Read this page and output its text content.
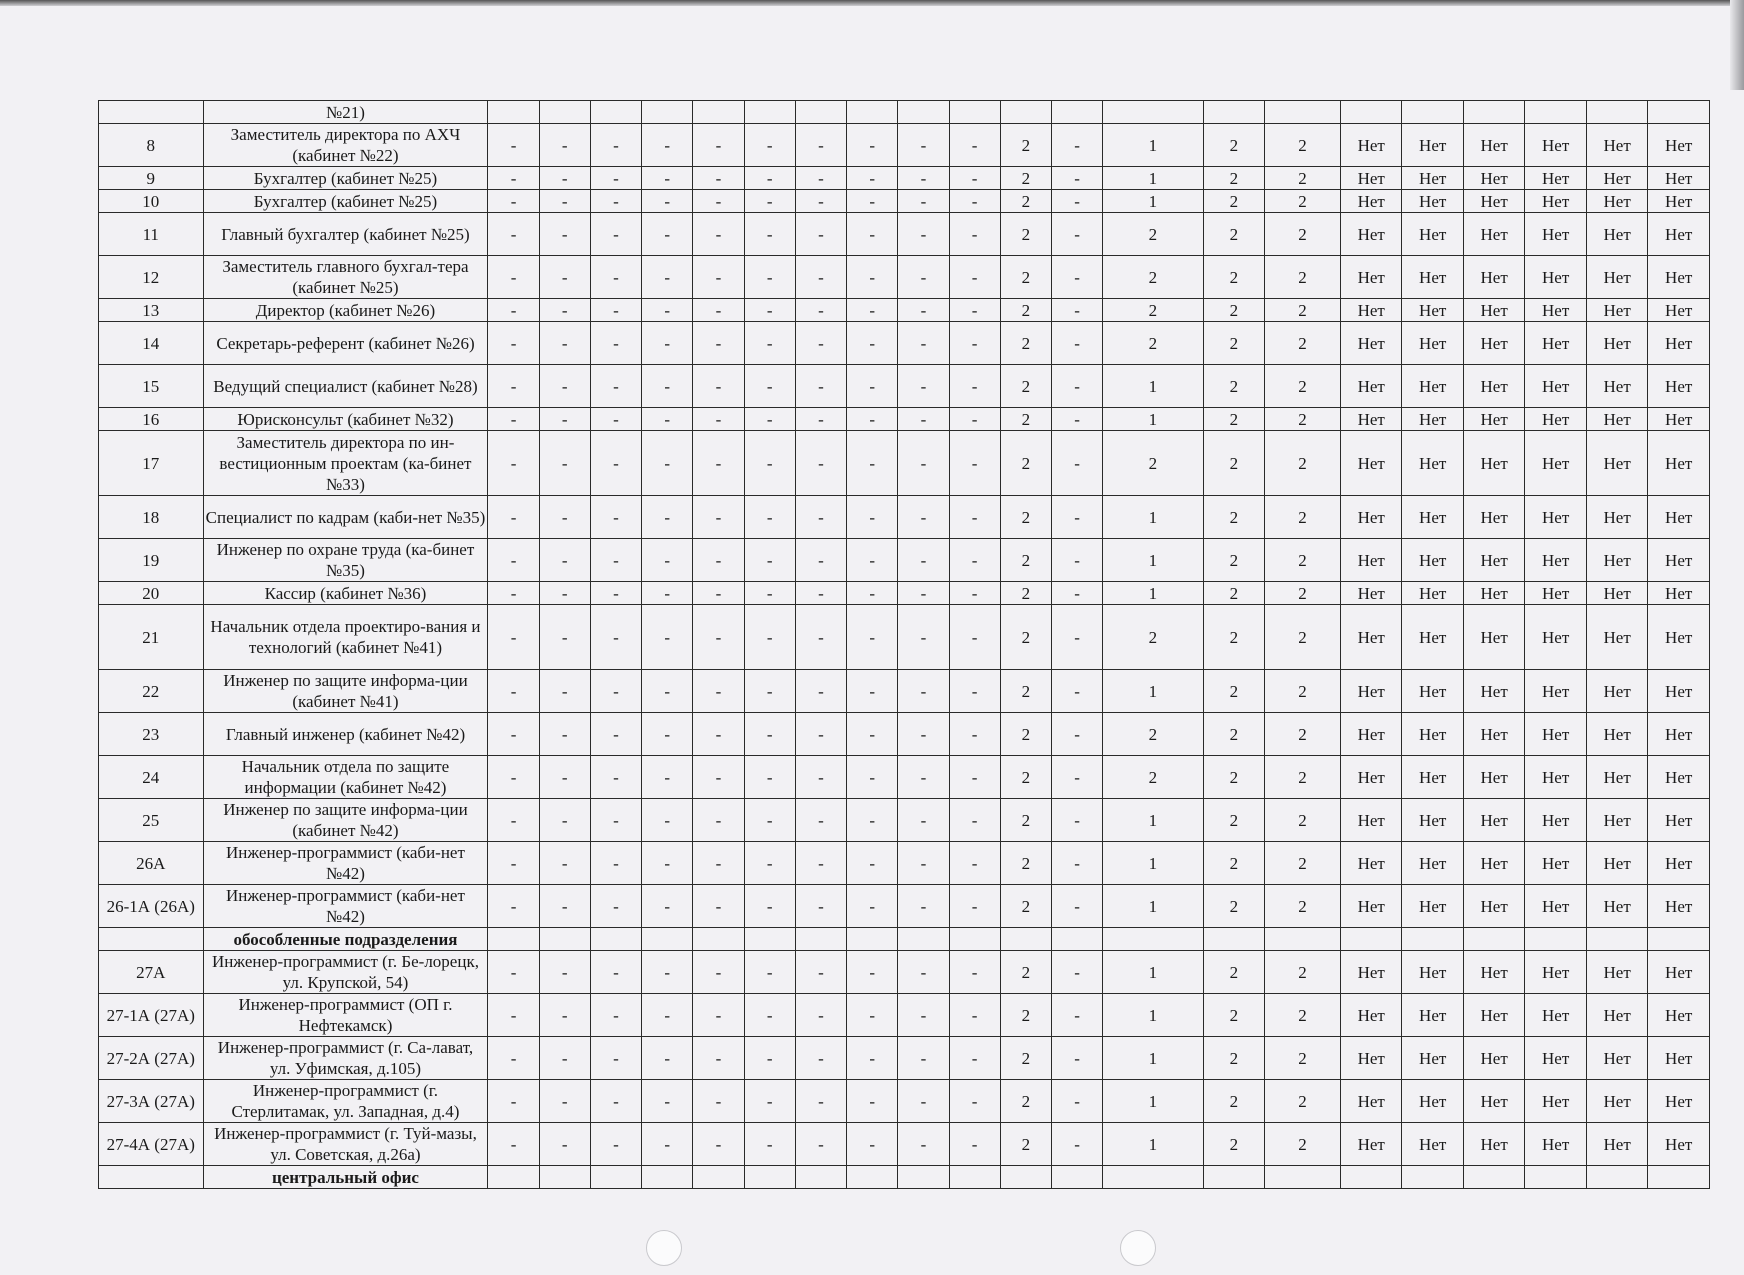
	№21)																					
8	Заместитель директора по АХЧ (кабинет №22)	-	-	-	-	-	-	-	-	-	-	2	-	1	2	2	Нет	Нет	Нет	Нет	Нет	Нет
9	Бухгалтер (кабинет №25)	-	-	-	-	-	-	-	-	-	-	2	-	1	2	2	Нет	Нет	Нет	Нет	Нет	Нет
10	Бухгалтер (кабинет №25)	-	-	-	-	-	-	-	-	-	-	2	-	1	2	2	Нет	Нет	Нет	Нет	Нет	Нет
11	Главный бухгалтер (кабинет №25)	-	-	-	-	-	-	-	-	-	-	2	-	2	2	2	Нет	Нет	Нет	Нет	Нет	Нет
12	Заместитель главного бухгал-тера (кабинет №25)	-	-	-	-	-	-	-	-	-	-	2	-	2	2	2	Нет	Нет	Нет	Нет	Нет	Нет
13	Директор (кабинет №26)	-	-	-	-	-	-	-	-	-	-	2	-	2	2	2	Нет	Нет	Нет	Нет	Нет	Нет
14	Секретарь-референт (кабинет №26)	-	-	-	-	-	-	-	-	-	-	2	-	2	2	2	Нет	Нет	Нет	Нет	Нет	Нет
15	Ведущий специалист (кабинет №28)	-	-	-	-	-	-	-	-	-	-	2	-	1	2	2	Нет	Нет	Нет	Нет	Нет	Нет
16	Юрисконсульт (кабинет №32)	-	-	-	-	-	-	-	-	-	-	2	-	1	2	2	Нет	Нет	Нет	Нет	Нет	Нет
17	Заместитель директора по ин-вестиционным проектам (ка-бинет №33)	-	-	-	-	-	-	-	-	-	-	2	-	2	2	2	Нет	Нет	Нет	Нет	Нет	Нет
18	Специалист по кадрам (каби-нет №35)	-	-	-	-	-	-	-	-	-	-	2	-	1	2	2	Нет	Нет	Нет	Нет	Нет	Нет
19	Инженер по охране труда (ка-бинет №35)	-	-	-	-	-	-	-	-	-	-	2	-	1	2	2	Нет	Нет	Нет	Нет	Нет	Нет
20	Кассир (кабинет №36)	-	-	-	-	-	-	-	-	-	-	2	-	1	2	2	Нет	Нет	Нет	Нет	Нет	Нет
21	Начальник отдела проектиро-вания и технологий (кабинет №41)	-	-	-	-	-	-	-	-	-	-	2	-	2	2	2	Нет	Нет	Нет	Нет	Нет	Нет
22	Инженер по защите информа-ции (кабинет №41)	-	-	-	-	-	-	-	-	-	-	2	-	1	2	2	Нет	Нет	Нет	Нет	Нет	Нет
23	Главный инженер (кабинет №42)	-	-	-	-	-	-	-	-	-	-	2	-	2	2	2	Нет	Нет	Нет	Нет	Нет	Нет
24	Начальник отдела по защите информации (кабинет №42)	-	-	-	-	-	-	-	-	-	-	2	-	2	2	2	Нет	Нет	Нет	Нет	Нет	Нет
25	Инженер по защите информа-ции (кабинет №42)	-	-	-	-	-	-	-	-	-	-	2	-	1	2	2	Нет	Нет	Нет	Нет	Нет	Нет
26А	Инженер-программист (каби-нет №42)	-	-	-	-	-	-	-	-	-	-	2	-	1	2	2	Нет	Нет	Нет	Нет	Нет	Нет
26-1А (26А)	Инженер-программист (каби-нет №42)	-	-	-	-	-	-	-	-	-	-	2	-	1	2	2	Нет	Нет	Нет	Нет	Нет	Нет
	обособленные подразделения																					
27А	Инженер-программист (г. Бе-лорецк, ул. Крупской, 54)	-	-	-	-	-	-	-	-	-	-	2	-	1	2	2	Нет	Нет	Нет	Нет	Нет	Нет
27-1А (27А)	Инженер-программист (ОП г. Нефтекамск)	-	-	-	-	-	-	-	-	-	-	2	-	1	2	2	Нет	Нет	Нет	Нет	Нет	Нет
27-2А (27А)	Инженер-программист (г. Са-лават, ул. Уфимская, д.105)	-	-	-	-	-	-	-	-	-	-	2	-	1	2	2	Нет	Нет	Нет	Нет	Нет	Нет
27-3А (27А)	Инженер-программист (г. Стерлитамак, ул. Западная, д.4)	-	-	-	-	-	-	-	-	-	-	2	-	1	2	2	Нет	Нет	Нет	Нет	Нет	Нет
27-4А (27А)	Инженер-программист (г. Туй-мазы, ул. Советская, д.26а)	-	-	-	-	-	-	-	-	-	-	2	-	1	2	2	Нет	Нет	Нет	Нет	Нет	Нет
	центральный офис																					
